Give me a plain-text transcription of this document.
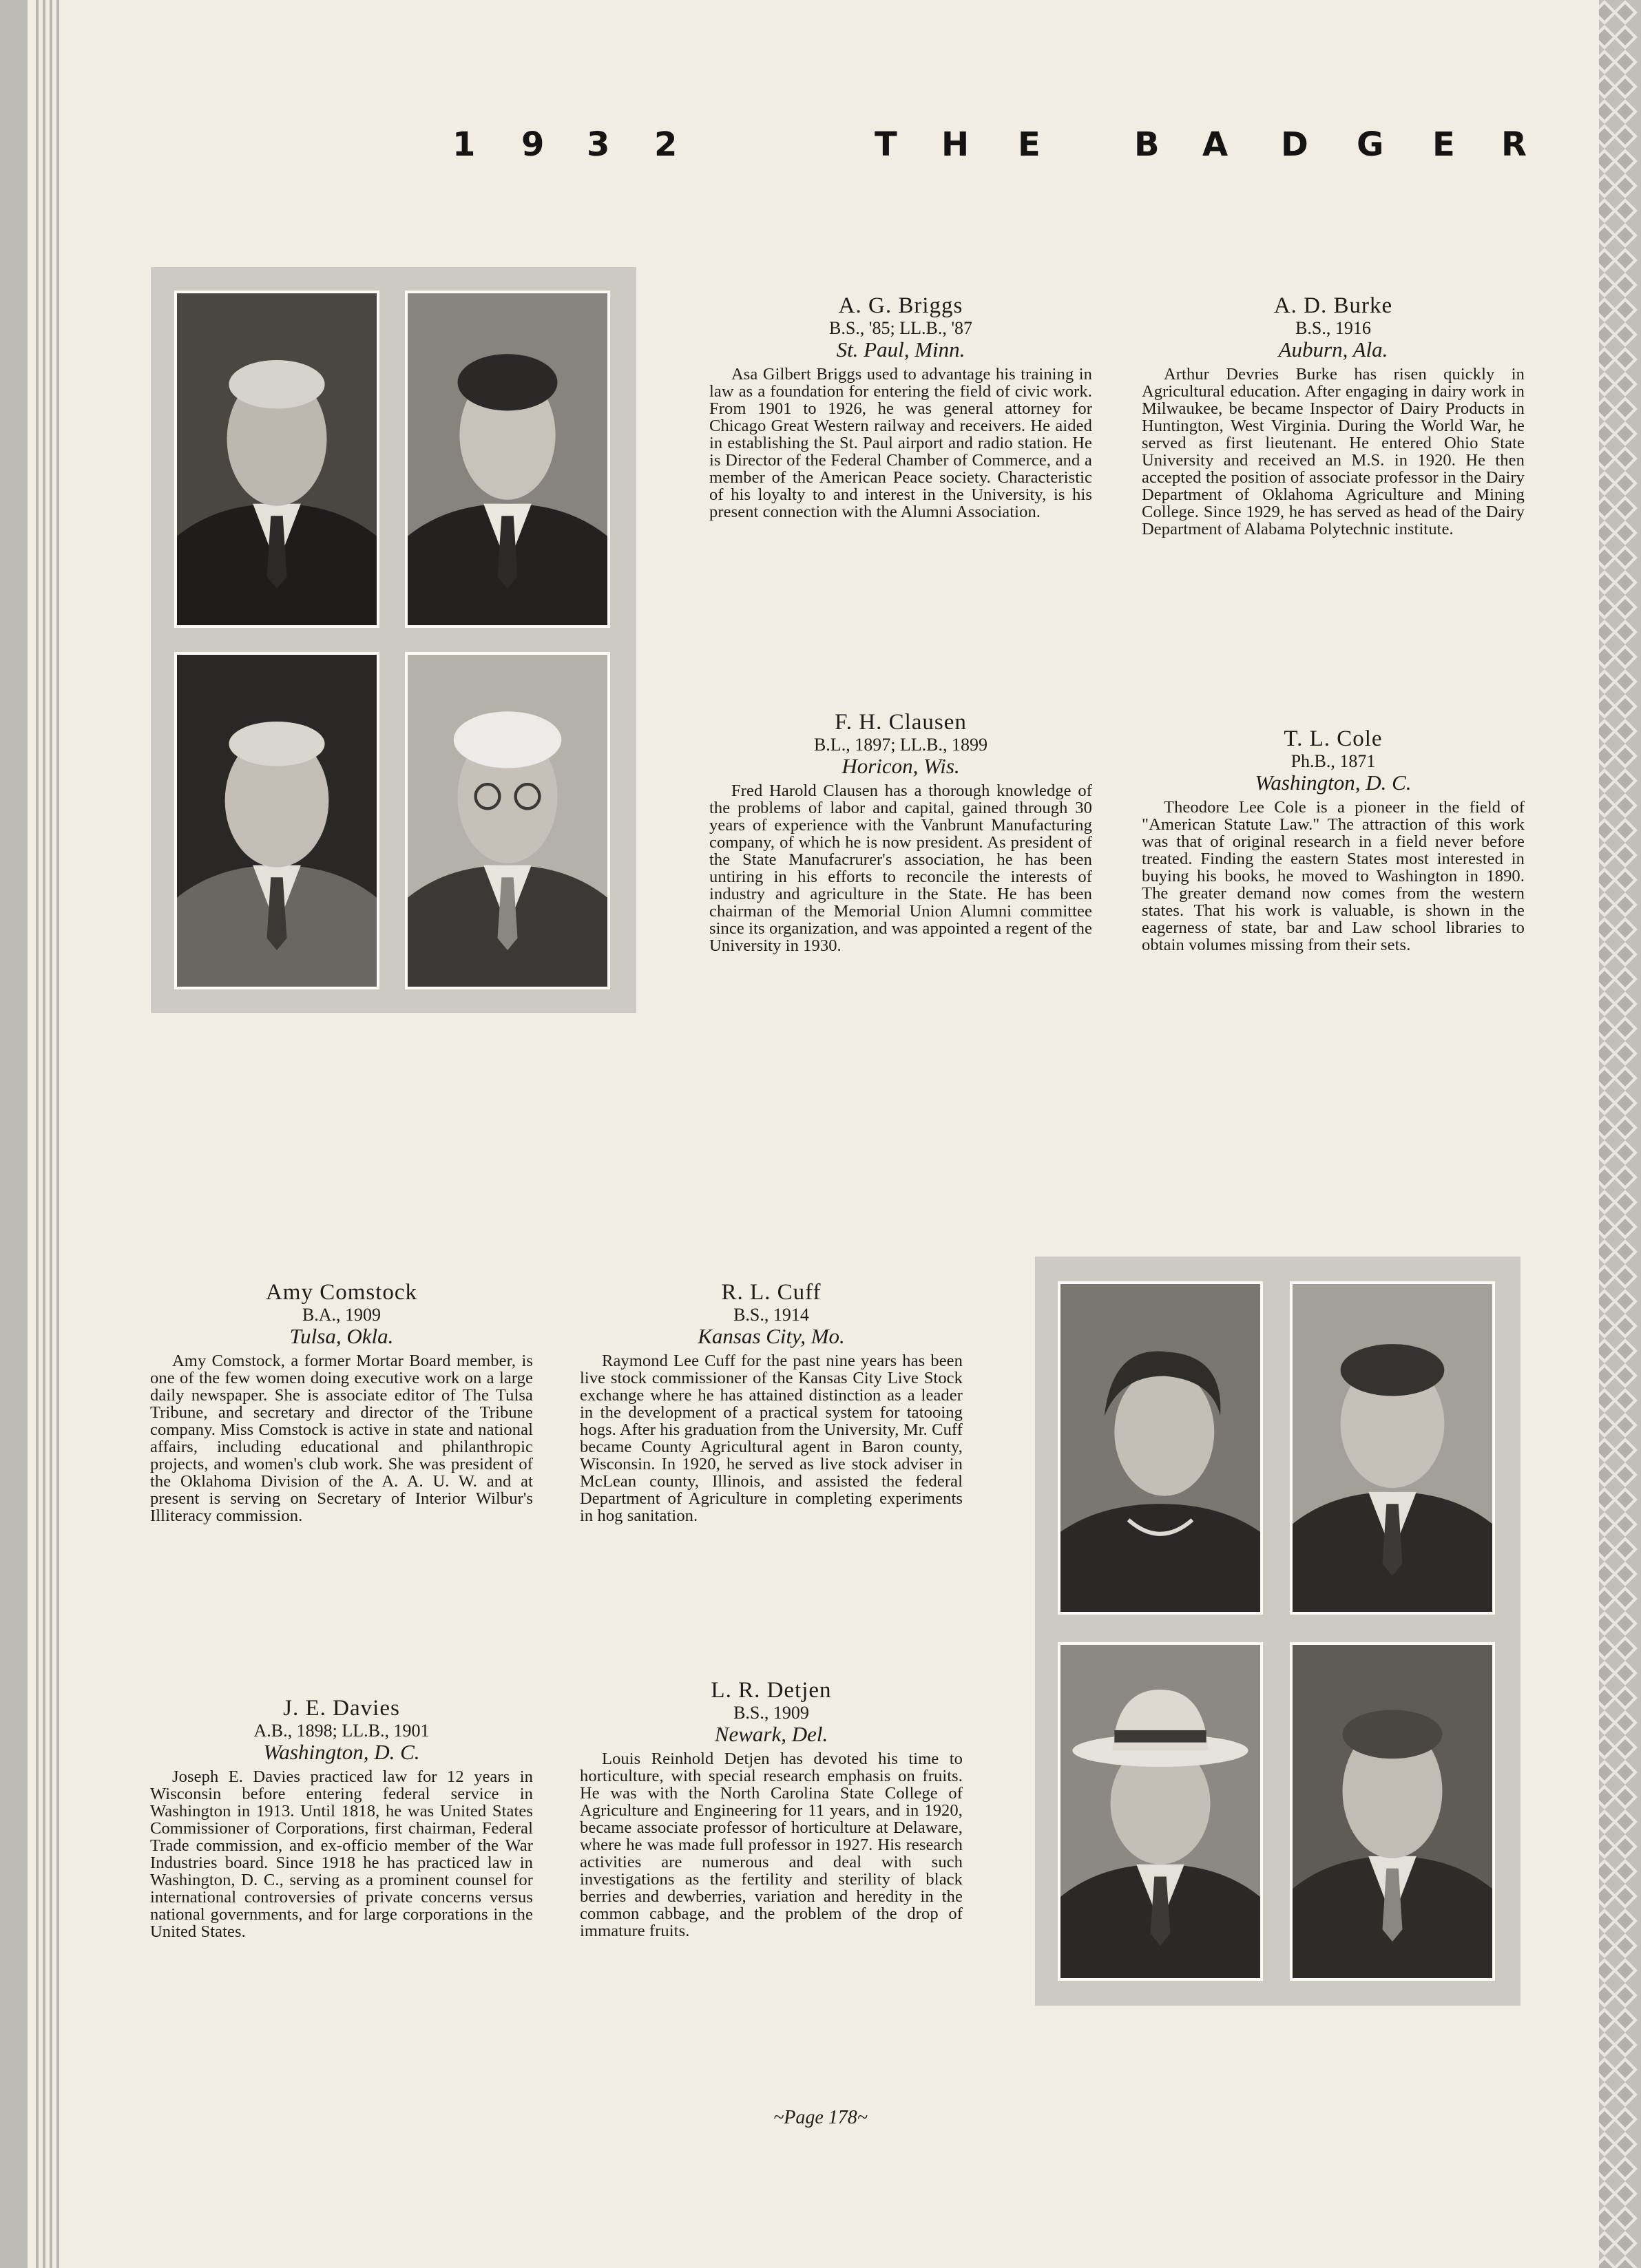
1 9 3 2	T H E	B A D G E R
A. G. Briggs
B.S., '85; LL.B., '87
St. Paul, Minn.
Asa Gilbert Briggs used to advantage his training in law as a foundation for entering the field of civic work. From 1901 to 1926, he was general attorney for Chicago Great Western railway and receivers. He aided in establishing the St. Paul airport and radio station. He is Director of the Federal Chamber of Commerce, and a member of the American Peace society. Characteristic of his loyalty to and interest in the University, is his present connection with the Alumni Association.
A. D. Burke
B.S., 1916
Auburn, Ala.
Arthur Devries Burke has risen quickly in Agricultural education. After engaging in dairy work in Milwaukee, be became Inspector of Dairy Products in Huntington, West Virginia. During the World War, he served as first lieutenant. He entered Ohio State University and received an M.S. in 1920. He then accepted the position of associate professor in the Dairy Department of Oklahoma Agriculture and Mining College. Since 1929, he has served as head of the Dairy Department of Alabama Polytechnic institute.
F. H. Clausen
B.L., 1897; LL.B., 1899
Horicon, Wis.
Fred Harold Clausen has a thorough knowledge of the problems of labor and capital, gained through 30 years of experience with the Vanbrunt Manufacturing company, of which he is now president. As president of the State Manufacrurer's association, he has been untiring in his efforts to reconcile the interests of industry and agriculture in the State. He has been chairman of the Memorial Union Alumni committee since its organization, and was appointed a regent of the University in 1930.
T. L. Cole
Ph.B., 1871
Washington, D. C.
Theodore Lee Cole is a pioneer in the field of "American Statute Law." The attraction of this work was that of original research in a field never before treated. Finding the eastern States most interested in buying his books, he moved to Washington in 1890. The greater demand now comes from the western states. That his work is valuable, is shown in the eagerness of state, bar and Law school libraries to obtain volumes missing from their sets.
Amy Comstock
B.A., 1909
Tulsa, Okla.
Amy Comstock, a former Mortar Board member, is one of the few women doing executive work on a large daily newspaper. She is associate editor of The Tulsa Tribune, and secretary and director of the Tribune company. Miss Comstock is active in state and national affairs, including educational and philanthropic projects, and women's club work. She was president of the Oklahoma Division of the A. A. U. W. and at present is serving on Secretary of Interior Wilbur's Illiteracy commission.
R. L. Cuff
B.S., 1914
Kansas City, Mo.
Raymond Lee Cuff for the past nine years has been live stock commissioner of the Kansas City Live Stock exchange where he has attained distinction as a leader in the development of a practical system for tatooing hogs. After his graduation from the University, Mr. Cuff became County Agricultural agent in Baron county, Wisconsin. In 1920, he served as live stock adviser in McLean county, Illinois, and assisted the federal Department of Agriculture in completing experiments in hog sanitation.
J. E. Davies
A.B., 1898; LL.B., 1901
Washington, D. C.
Joseph E. Davies practiced law for 12 years in Wisconsin before entering federal service in Washington in 1913. Until 1818, he was United States Commissioner of Corporations, first chairman, Federal Trade commission, and ex-officio member of the War Industries board. Since 1918 he has practiced law in Washington, D. C., serving as a prominent counsel for international controversies of private concerns versus national governments, and for large corporations in the United States.
L. R. Detjen
B.S., 1909
Newark, Del.
Louis Reinhold Detjen has devoted his time to horticulture, with special research emphasis on fruits. He was with the North Carolina State College of Agriculture and Engineering for 11 years, and in 1920, became associate professor of horticulture at Delaware, where he was made full professor in 1927. His research activities are numerous and deal with such investigations as the fertility and sterility of black berries and dewberries, variation and heredity in the common cabbage, and the problem of the drop of immature fruits.
~Page 178~
